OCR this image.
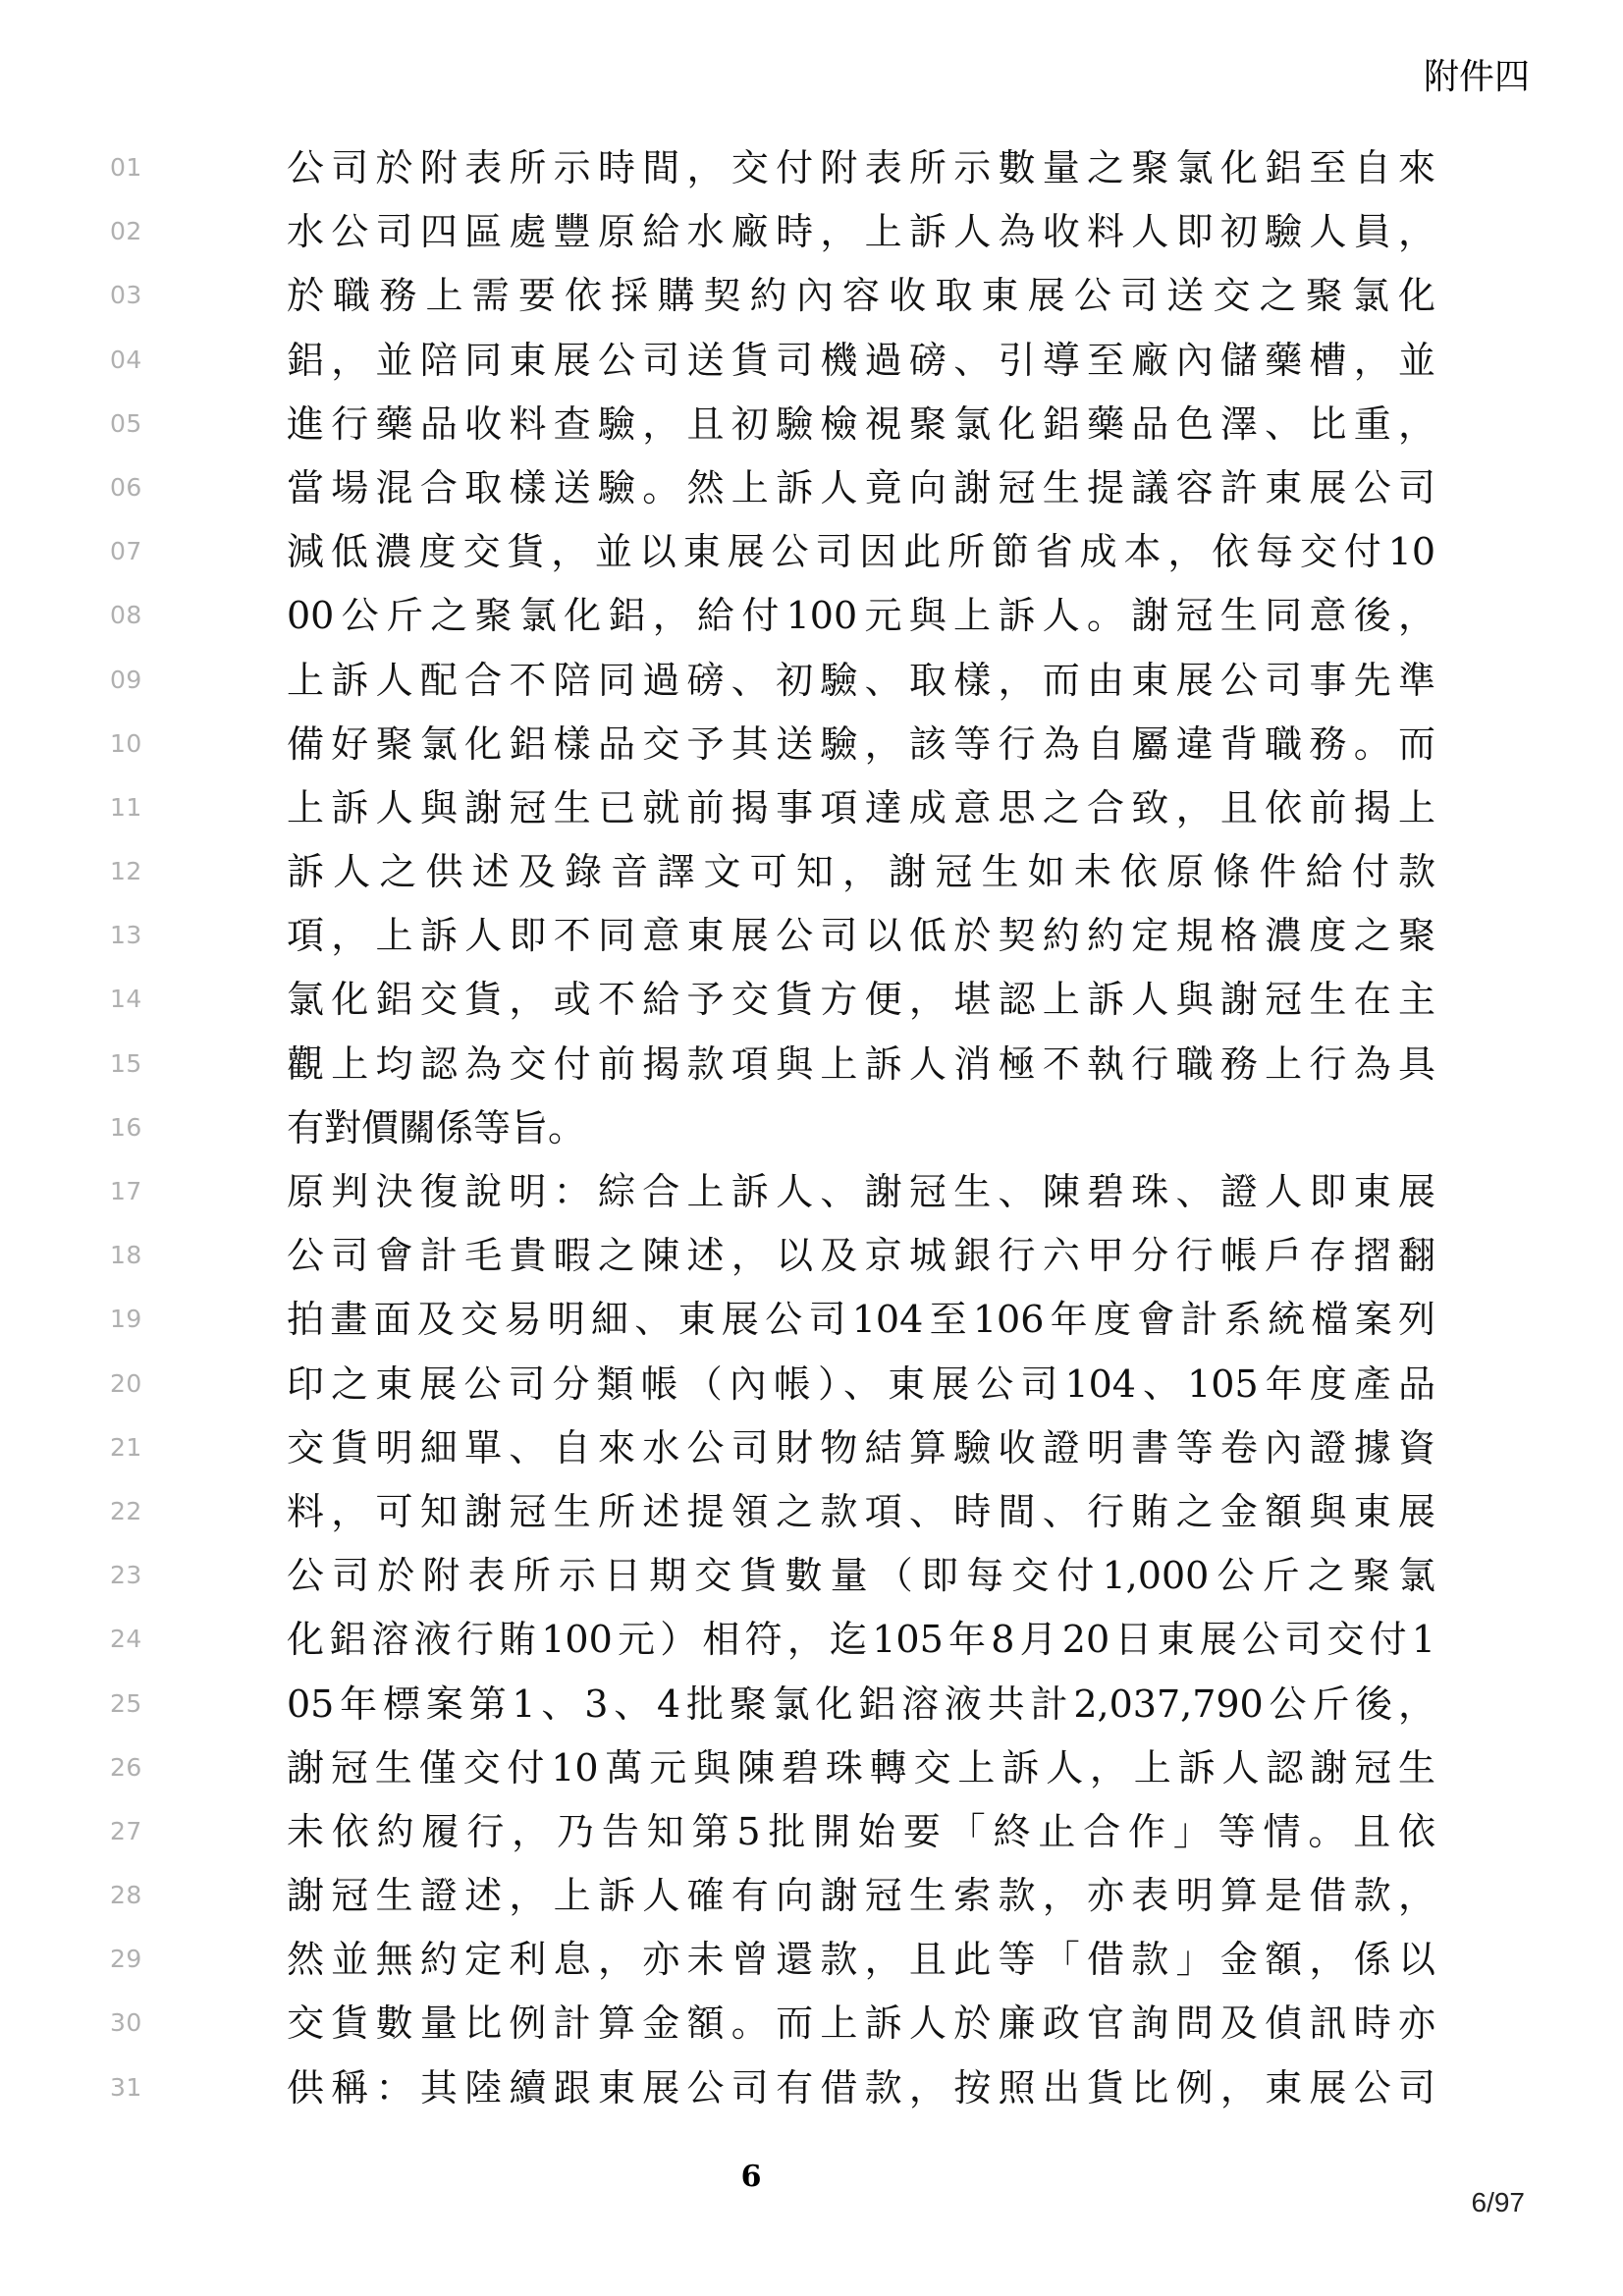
附件四
01	公司於附表所示時間，交付附表所示數量之聚氯化鋁至自來
02	水公司四區處豐原給水廠時，上訴人為收料人即初驗人員，
03	於職務上需要依採購契約內容收取東展公司送交之聚氯化
04	鋁，並陪同東展公司送貨司機過磅、引導至廠內儲藥槽，並
05	進行藥品收料查驗，且初驗檢視聚氯化鋁藥品色澤、比重，
06	當場混合取樣送驗。然上訴人竟向謝冠生提議容許東展公司
07	減低濃度交貨，並以東展公司因此所節省成本，依每交付10
08	00公斤之聚氯化鋁，給付100元與上訴人。謝冠生同意後，
09	上訴人配合不陪同過磅、初驗、取樣，而由東展公司事先準
10	備好聚氯化鋁樣品交予其送驗，該等行為自屬違背職務。而
11	上訴人與謝冠生已就前揭事項達成意思之合致，且依前揭上
12	訴人之供述及錄音譯文可知，謝冠生如未依原條件給付款
13	項，上訴人即不同意東展公司以低於契約約定規格濃度之聚
14	氯化鋁交貨，或不給予交貨方便，堪認上訴人與謝冠生在主
15	觀上均認為交付前揭款項與上訴人消極不執行職務上行為具
16	有對價關係等旨。
17	原判決復說明：綜合上訴人、謝冠生、陳碧珠、證人即東展
18	公司會計毛貴暇之陳述，以及京城銀行六甲分行帳戶存摺翻
19	拍畫面及交易明細、東展公司104至106年度會計系統檔案列
20	印之東展公司分類帳（內帳）、東展公司104、105年度產品
21	交貨明細單、自來水公司財物結算驗收證明書等卷內證據資
22	料，可知謝冠生所述提領之款項、時間、行賄之金額與東展
23	公司於附表所示日期交貨數量（即每交付1,000公斤之聚氯
24	化鋁溶液行賄100元）相符，迄105年8月20日東展公司交付1
25	05年標案第1、3、4批聚氯化鋁溶液共計2,037,790公斤後，
26	謝冠生僅交付10萬元與陳碧珠轉交上訴人，上訴人認謝冠生
27	未依約履行，乃告知第5批開始要「終止合作」等情。且依
28	謝冠生證述，上訴人確有向謝冠生索款，亦表明算是借款，
29	然並無約定利息，亦未曾還款，且此等「借款」金額，係以
30	交貨數量比例計算金額。而上訴人於廉政官詢問及偵訊時亦
31	供稱：其陸續跟東展公司有借款，按照出貨比例，東展公司
6
6/97
